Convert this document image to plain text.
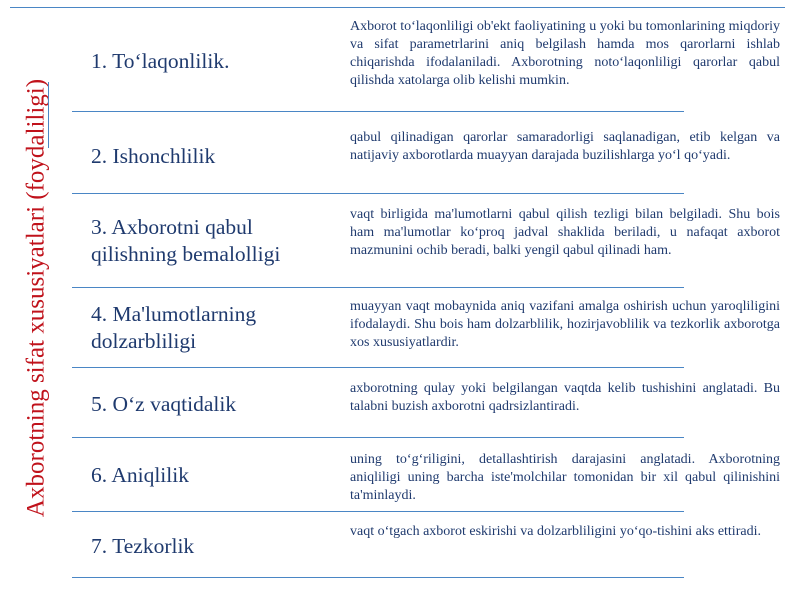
Axborotning sifat xususiyatlari (foydaliligi)
1. To‘laqonlilik.
Axborot to‘laqonliligi ob'ekt faoliyatining u yoki bu tomonlarining miqdoriy va sifat parametrlarini aniq belgilash hamda mos qarorlarni ishlab chiqarishda ifodalaniladi. Axborotning noto‘laqonliligi qarorlar qabul qilishda xatolarga olib kelishi mumkin.
2. Ishonchlilik
qabul qilinadigan qarorlar samaradorligi saqlanadigan, etib kelgan va natijaviy axborotlarda muayyan darajada buzilishlarga yo‘l qo‘yadi.
3. Axborotni qabul qilishning bemalolligi
vaqt birligida ma'lumotlarni qabul qilish tezligi bilan belgiladi. Shu bois ham ma'lumotlar ko‘proq jadval shaklida beriladi, u nafaqat axborot mazmunini ochib beradi, balki yengil qabul qilinadi ham.
4. Ma'lumotlarning dolzarbliligi
muayyan vaqt mobaynida aniq vazifani amalga oshirish uchun yaroqliligini ifodalaydi. Shu bois ham dolzarblilik, hozirjavoblilik va tezkorlik axborotga xos xususiyatlardir.
5. O‘z vaqtidalik
axborotning qulay yoki belgilangan vaqtda kelib tushishini anglatadi. Bu talabni buzish axborotni qadrsizlantiradi.
6. Aniqlilik
uning to‘g‘riligini, detallashtirish darajasini anglatadi. Axborotning aniqliligi uning barcha iste'molchilar tomonidan bir xil qabul qilinishini ta'minlaydi.
7. Tezkorlik
vaqt o‘tgach axborot eskirishi va dolzarbliligini yo‘qo-tishini aks ettiradi.
